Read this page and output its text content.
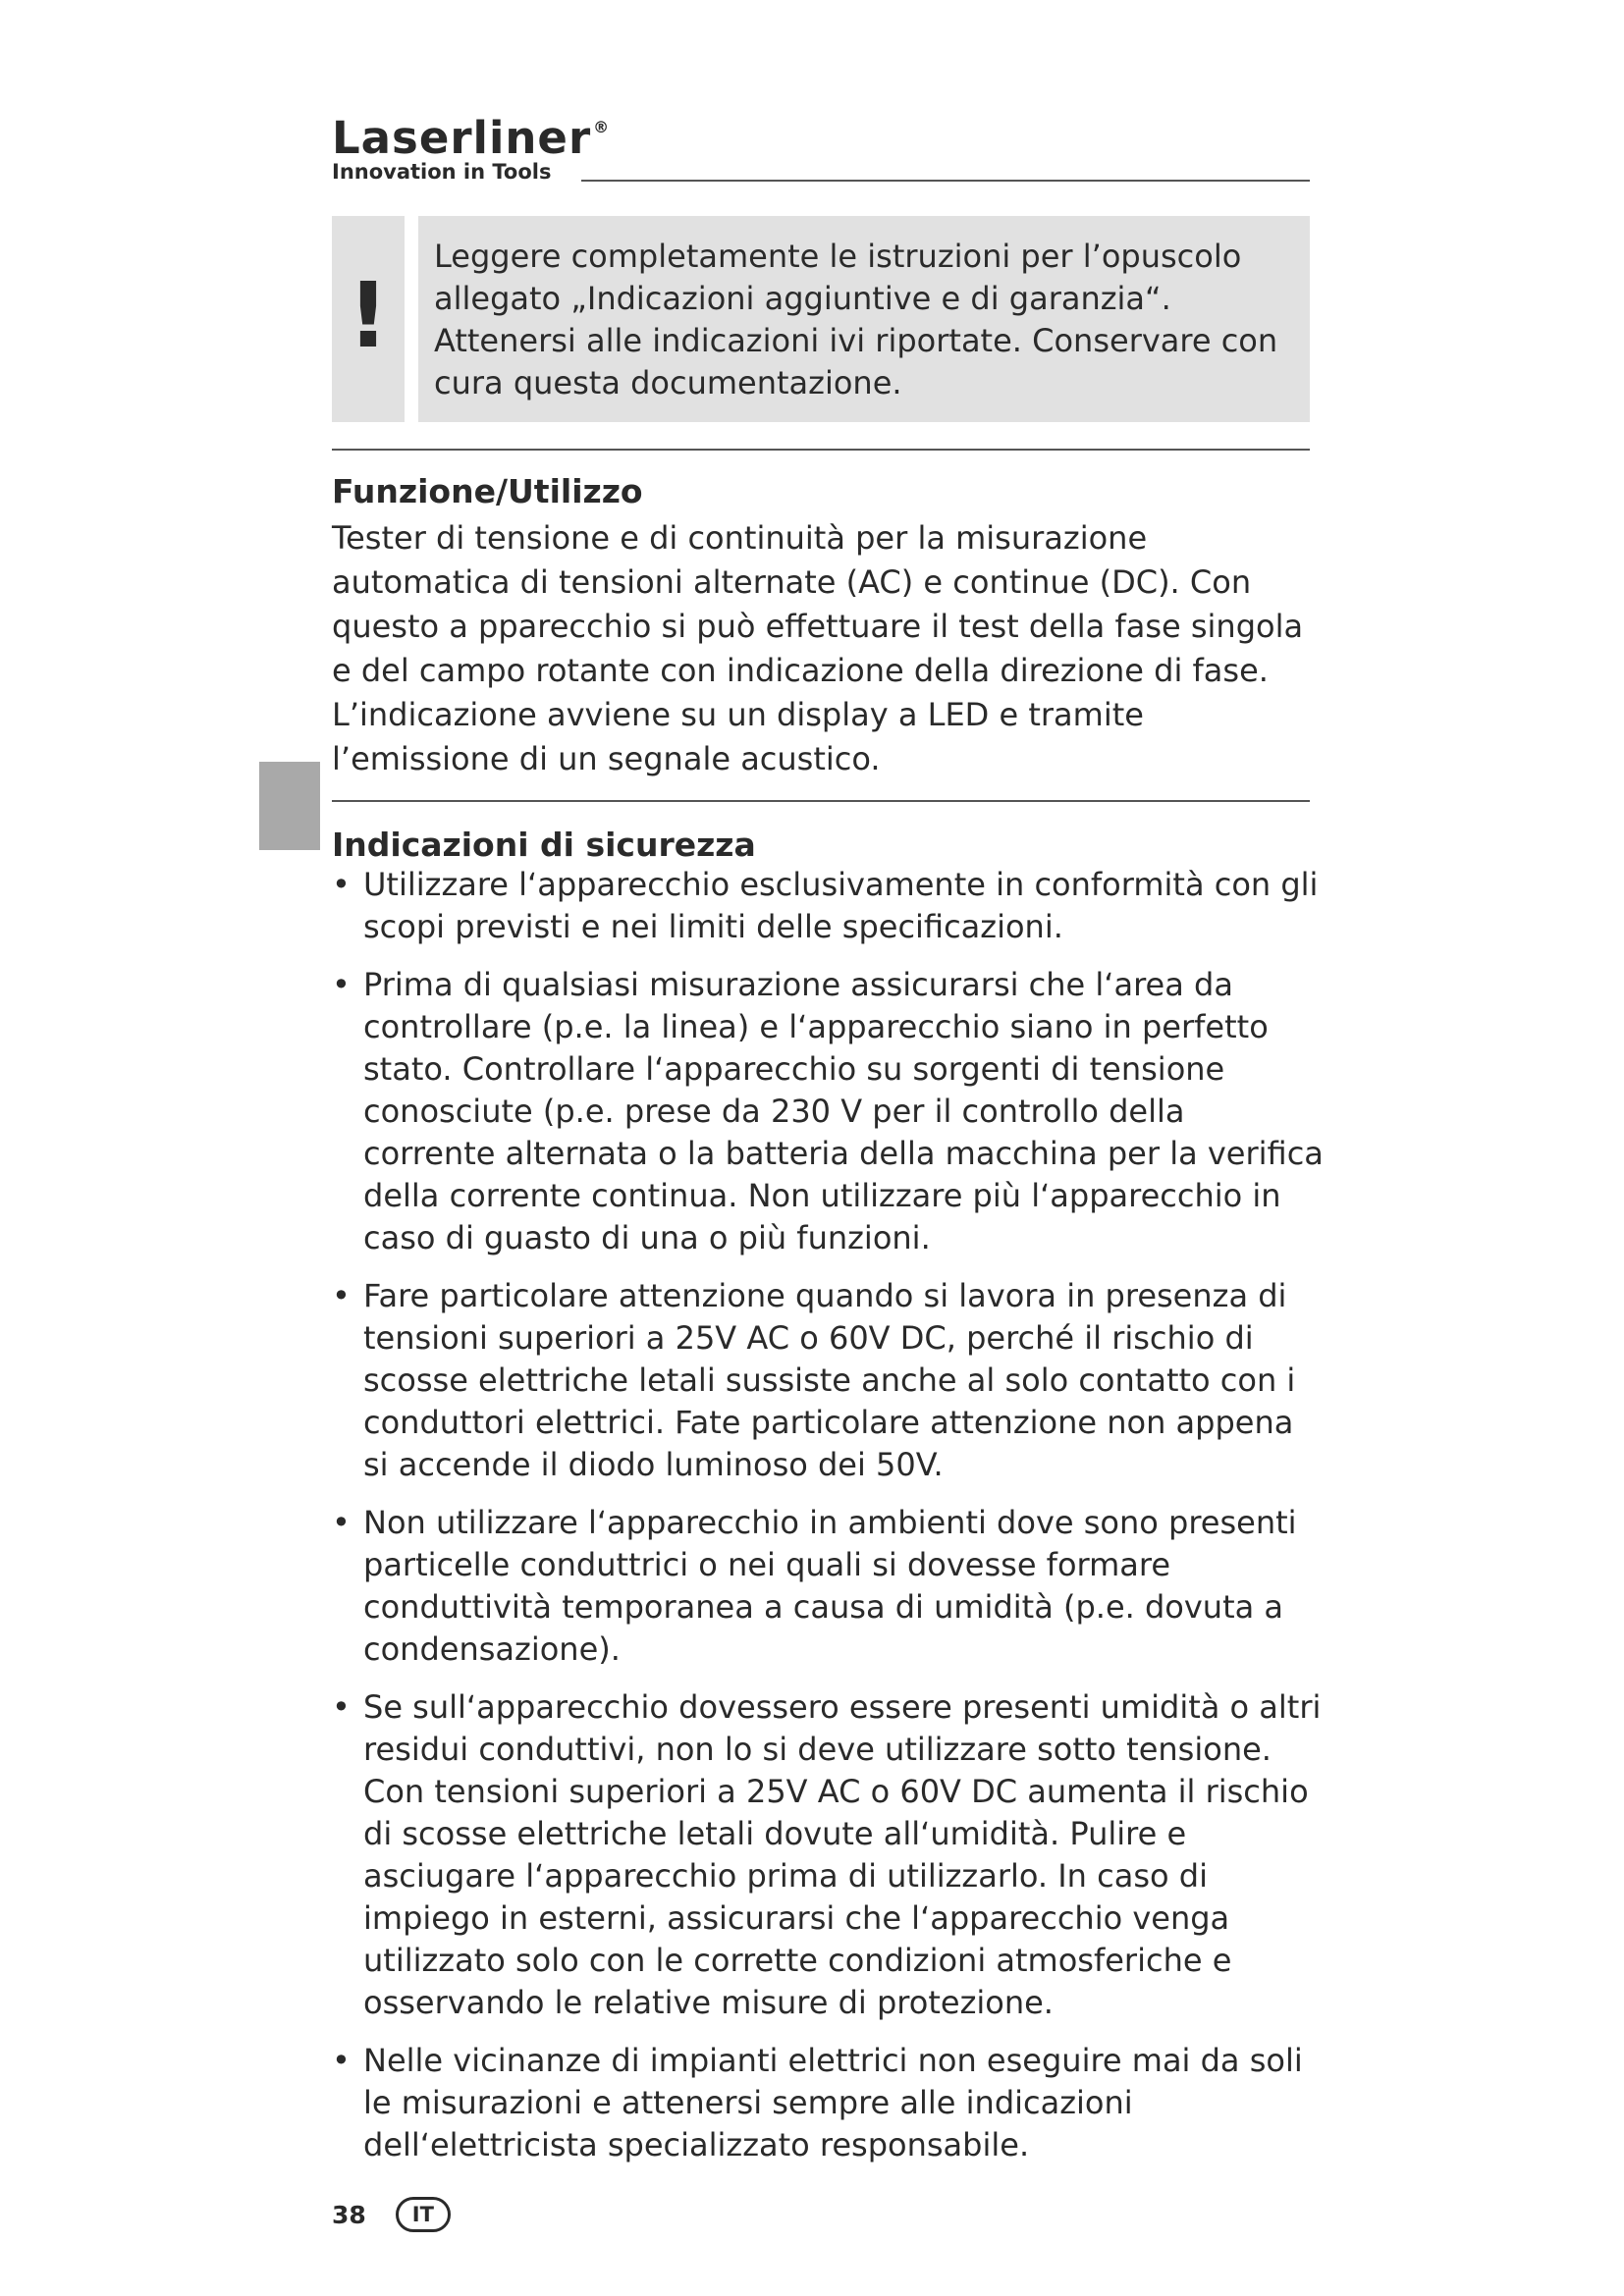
Laserliner ®
Innovation in Tools
!
Leggere completamente le istruzioni per l’opuscolo allegato „Indicazioni aggiuntive e di garanzia“. Attenersi alle indicazioni ivi riportate. Conservare con cura questa documentazione.
Funzione/Utilizzo
Tester di tensione e di continuità per la misurazione automatica di tensioni alternate (AC) e continue (DC). Con questo a pparecchio si può effettuare il test della fase singola e del campo rotante con indicazione della direzione di fase. L’indicazione avviene su un display a LED e tramite l’emissione di un segnale acustico.
Indicazioni di sicurezza
• Utilizzare l‘apparecchio esclusivamente in conformità con gli scopi previsti e nei limiti delle specificazioni.
• Prima di qualsiasi misurazione assicurarsi che l‘area da controllare (p.e. la linea) e l‘apparecchio siano in perfetto stato. Controllare l‘apparecchio su sorgenti di tensione conosciute (p.e. prese da 230 V per il controllo della corrente alternata o la batteria della macchina per la verifica della corrente continua. Non utilizzare più l‘apparecchio in caso di guasto di una o più funzioni.
• Fare particolare attenzione quando si lavora in presenza di tensioni superiori a 25V AC o 60V DC, perché il rischio di scosse elettriche letali sussiste anche al solo contatto con i conduttori elettrici. Fate particolare attenzione non appena si accende il diodo luminoso dei 50V.
• Non utilizzare l‘apparecchio in ambienti dove sono presenti particelle conduttrici o nei quali si dovesse formare conduttività temporanea a causa di umidità (p.e. dovuta a condensazione).
• Se sull‘apparecchio dovessero essere presenti umidità o altri residui conduttivi, non lo si deve utilizzare sotto tensione. Con tensioni superiori a 25V AC o 60V DC aumenta il rischio di scosse elettriche letali dovute all‘umidità. Pulire e asciugare l‘apparecchio prima di utilizzarlo. In caso di impiego in esterni, assicurarsi che l‘apparecchio venga utilizzato solo con le corrette condizioni atmosferiche e osservando le relative misure di protezione.
• Nelle vicinanze di impianti elettrici non eseguire mai da soli le misurazioni e attenersi sempre alle indicazioni dell‘elettricista specializzato responsabile.
38	IT
